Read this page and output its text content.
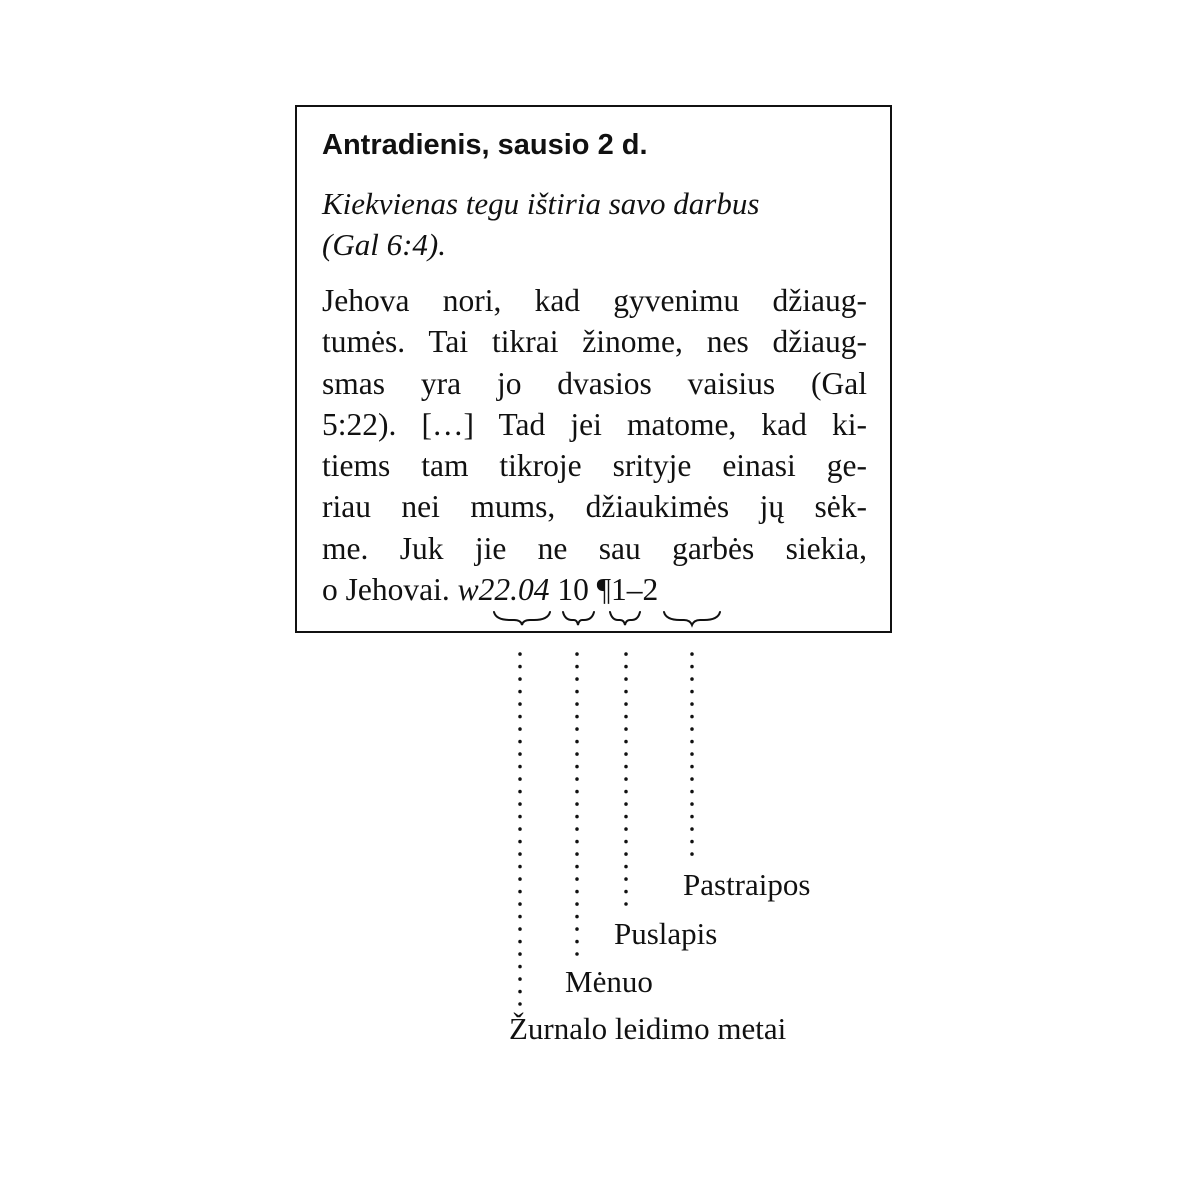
Antradienis, sausio 2 d.
Kiekvienas tegu ištiria savo darbus
(Gal 6:4).
Jehova nori, kad gyvenimu džiaug-
tumės. Tai tikrai žinome, nes džiaug-
smas yra jo dvasios vaisius (Gal
5:22). […] Tad jei matome, kad ki-
tiems tam tikroje srityje einasi ge-
riau nei mums, džiaukimės jų sėk-
me. Juk jie ne sau garbės siekia,
o Jehovai. w22.04 10 ¶1–2
Pastraipos
Puslapis
Mėnuo
Žurnalo leidimo metai
